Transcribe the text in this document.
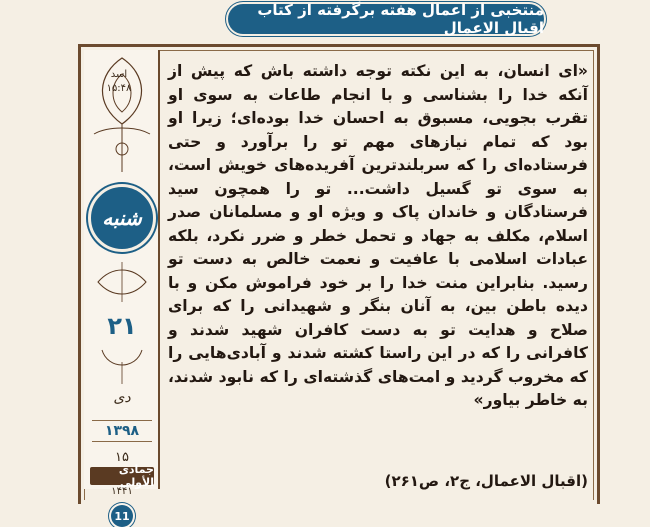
منتخبی از اعمال هفته برگرفته از کتاب اقبال الاعمال
اسد
۱۵:۴۸
شنبه
۲۱
دی
۱۳۹۸
۱۵
جمادی الأولی
۱۴۴۱
11

«ای انسان، به این نکته توجه داشته باش که پیش از آنکه خدا را بشناسی و با انجام طاعات به سوی او تقرب بجویی، مسبوق به احسان خدا بوده‌ای؛ زیرا او بود که تمام نیازهای مهم تو را برآورد و حتی فرستاده‌ای را که سربلندترین آفریده‌های خویش است، به سوی تو گسیل داشت... تو را همچون سید فرستادگان و خاندان پاک و ویژه او و مسلمانان صدر اسلام، مکلف به جهاد و تحمل خطر و ضرر نکرد، بلکه عبادات اسلامی با عافیت و نعمت خالص به دست تو رسید. بنابراین منت خدا را بر خود فراموش مکن و با دیده باطن بین، به آنان بنگر و شهیدانی را که برای صلاح و هدایت تو به دست کافران شهید شدند و کافرانی را که در این راستا کشته شدند و آبادی‌هایی را که مخروب گردید و امت‌های گذشته‌ای را که نابود شدند، به خاطر بیاور»

(اقبال الاعمال، ج۲، ص۲۶۱)
